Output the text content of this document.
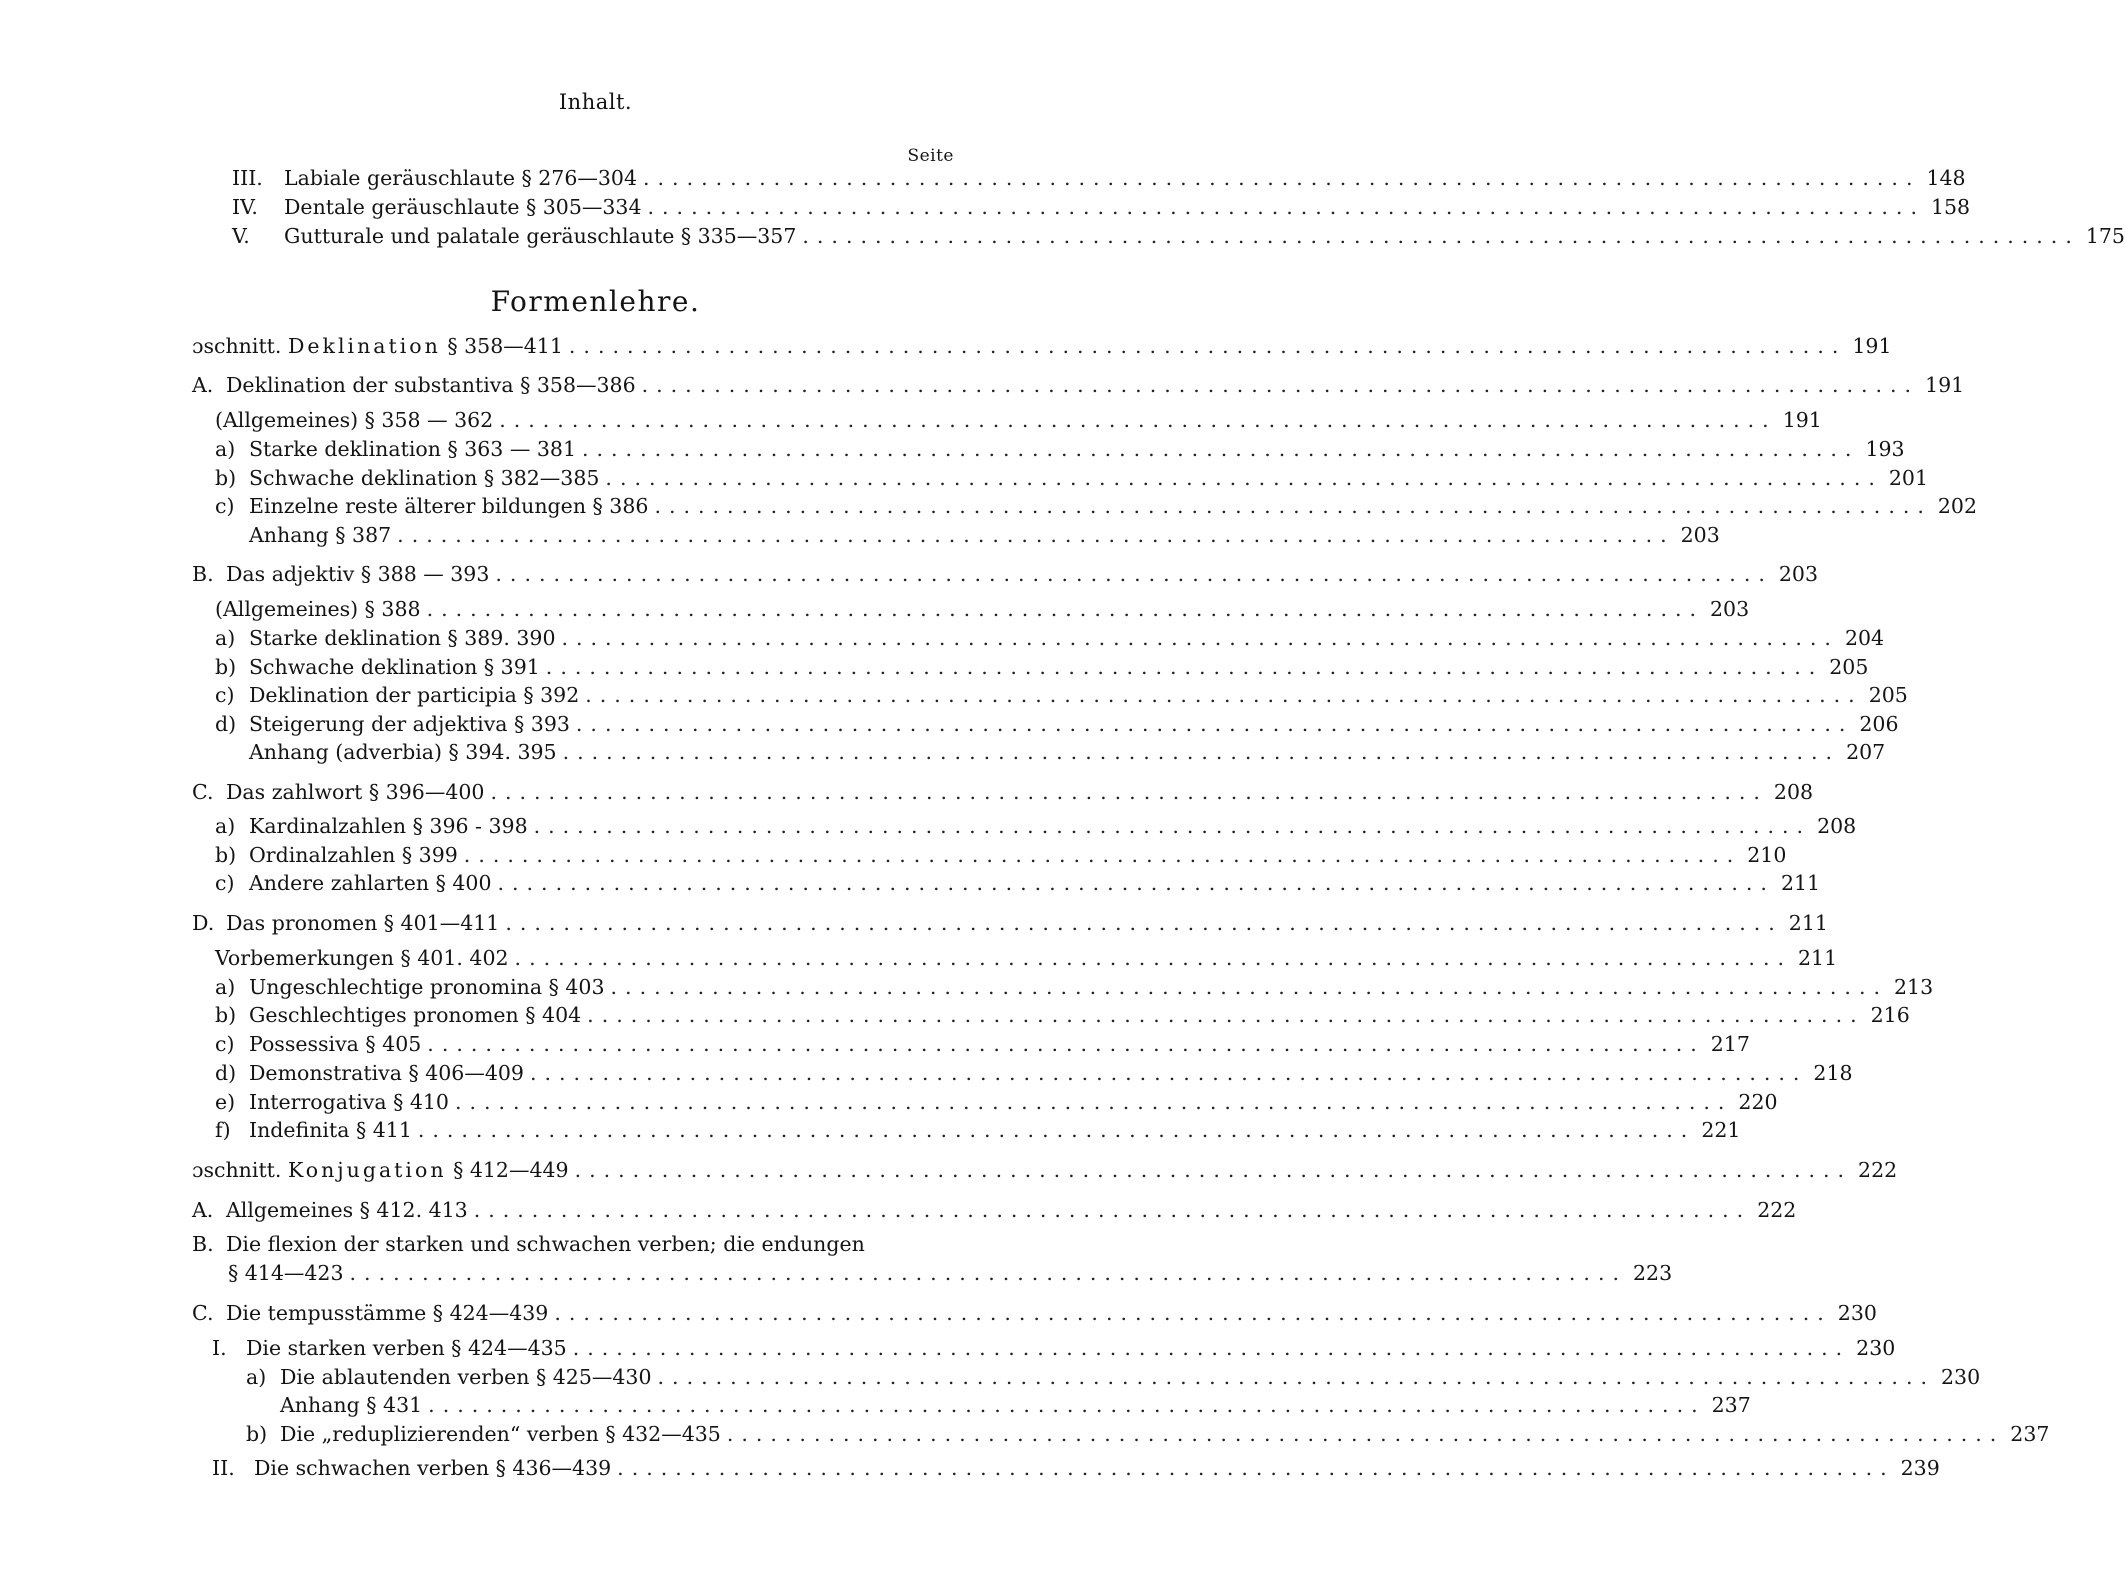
Inhalt.
Seite
III. Labiale geräuschlaute § 276—304 ........................................................................................ 148
IV. Dentale geräuschlaute § 305—334 ........................................................................................ 158
V. Gutturale und palatale geräuschlaute § 335—357 ........................................................................................ 175
Formenlehre.
ɔschnitt. Deklination § 358—411 ........................................................................................ 191
A. Deklination der substantiva § 358—386 ........................................................................................ 191
(Allgemeines) § 358 — 362 ........................................................................................ 191
a) Starke deklination § 363 — 381 ........................................................................................ 193
b) Schwache deklination § 382—385 ........................................................................................ 201
c) Einzelne reste älterer bildungen § 386 ........................................................................................ 202
Anhang § 387 ........................................................................................ 203
B. Das adjektiv § 388 — 393 ........................................................................................ 203
(Allgemeines) § 388 ........................................................................................ 203
a) Starke deklination § 389. 390 ........................................................................................ 204
b) Schwache deklination § 391 ........................................................................................ 205
c) Deklination der participia § 392 ........................................................................................ 205
d) Steigerung der adjektiva § 393 ........................................................................................ 206
Anhang (adverbia) § 394. 395 ........................................................................................ 207
C. Das zahlwort § 396—400 ........................................................................................ 208
a) Kardinalzahlen § 396 - 398 ........................................................................................ 208
b) Ordinalzahlen § 399 ........................................................................................ 210
c) Andere zahlarten § 400 ........................................................................................ 211
D. Das pronomen § 401—411 ........................................................................................ 211
Vorbemerkungen § 401. 402 ........................................................................................ 211
a) Ungeschlechtige pronomina § 403 ........................................................................................ 213
b) Geschlechtiges pronomen § 404 ........................................................................................ 216
c) Possessiva § 405 ........................................................................................ 217
d) Demonstrativa § 406—409 ........................................................................................ 218
e) Interrogativa § 410 ........................................................................................ 220
f) Indefinita § 411 ........................................................................................ 221
ɔschnitt. Konjugation § 412—449 ........................................................................................ 222
A. Allgemeines § 412. 413 ........................................................................................ 222
B. Die flexion der starken und schwachen verben; die endungen
§ 414—423 ........................................................................................ 223
C. Die tempusstämme § 424—439 ........................................................................................ 230
I. Die starken verben § 424—435 ........................................................................................ 230
a) Die ablautenden verben § 425—430 ........................................................................................ 230
Anhang § 431 ........................................................................................ 237
b) Die „reduplizierenden“ verben § 432—435 ........................................................................................ 237
II. Die schwachen verben § 436—439 ........................................................................................ 239
